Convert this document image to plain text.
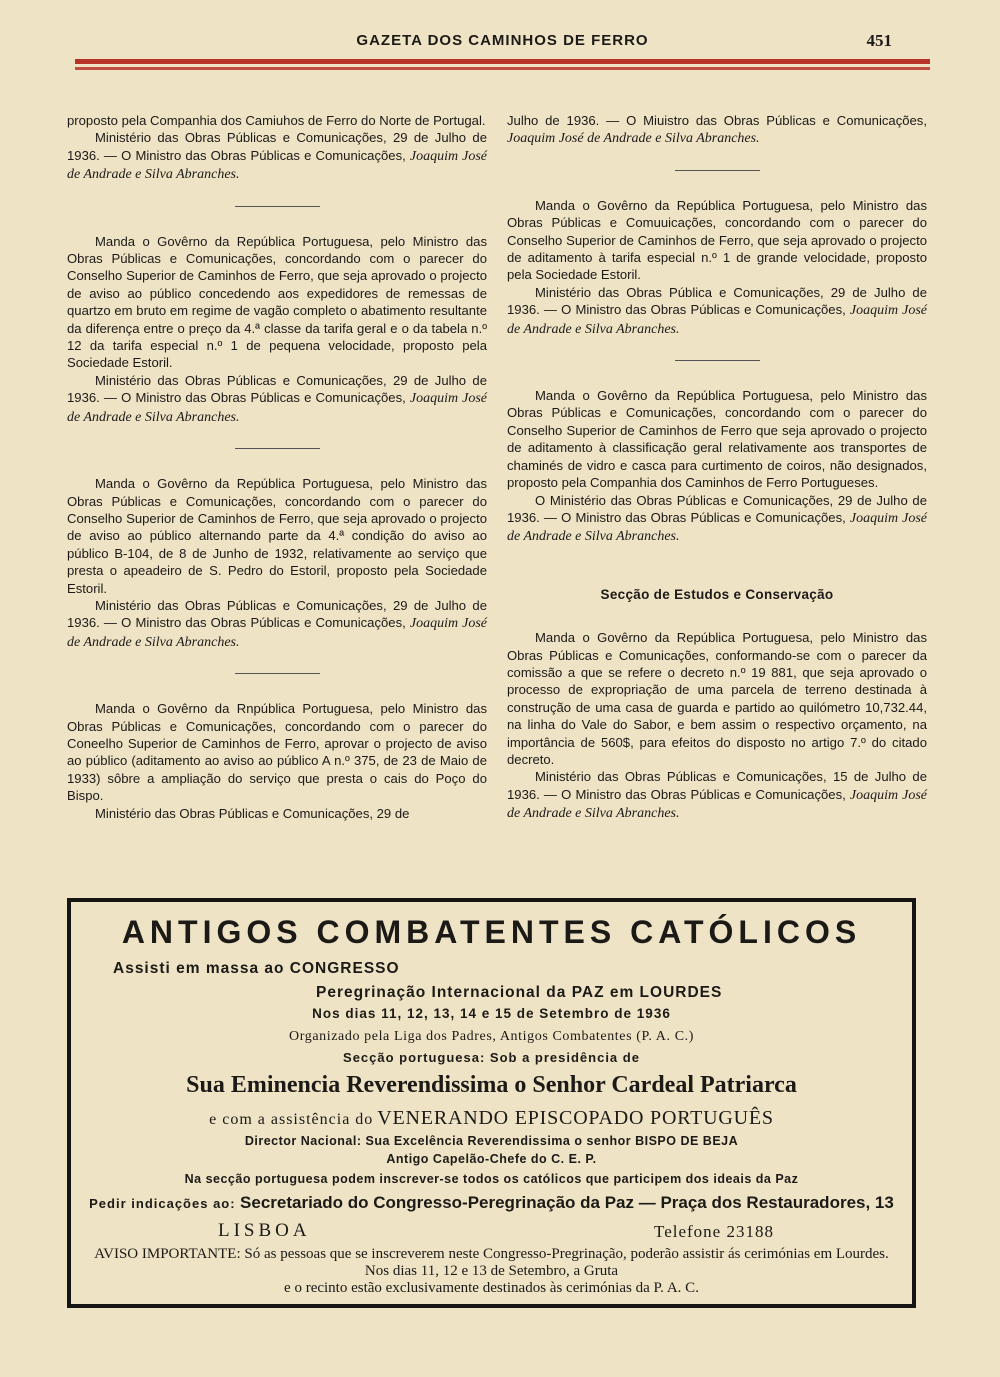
GAZETA DOS CAMINHOS DE FERRO	451

proposto pela Companhia dos Camiuhos de Ferro do Norte de Portugal.

Ministério das Obras Públicas e Comunicações, 29 de Julho de 1936. — O Ministro das Obras Públicas e Comunicações, Joaquim José de Andrade e Silva Abranches.

Manda o Govêrno da República Portuguesa, pelo Ministro das Obras Públicas e Comunicações, concordando com o parecer do Conselho Superior de Caminhos de Ferro, que seja aprovado o projecto de aviso ao público concedendo aos expedidores de remessas de quartzo em bruto em regime de vagão completo o abatimento resultante da diferença entre o preço da 4.ª classe da tarifa geral e o da tabela n.º 12 da tarifa especial n.º 1 de pequena velocidade, proposto pela Sociedade Estoril.

Ministério das Obras Públicas e Comunicações, 29 de Julho de 1936. — O Ministro das Obras Públicas e Comunicações, Joaquim José de Andrade e Silva Abranches.

Manda o Govêrno da República Portuguesa, pelo Ministro das Obras Públicas e Comunicações, concordando com o parecer do Conselho Superior de Caminhos de Ferro, que seja aprovado o projecto de aviso ao público alternando parte da 4.ª condição do aviso ao público B-104, de 8 de Junho de 1932, relativamente ao serviço que presta o apeadeiro de S. Pedro do Estoril, proposto pela Sociedade Estoril.

Ministério das Obras Públicas e Comunicações, 29 de Julho de 1936. — O Ministro das Obras Públicas e Comunicações, Joaquim José de Andrade e Silva Abranches.

Manda o Govêrno da Rnpública Portuguesa, pelo Ministro das Obras Públicas e Comunicações, concordando com o parecer do Coneelho Superior de Caminhos de Ferro, aprovar o projecto de aviso ao público (aditamento ao aviso ao público A n.º 375, de 23 de Maio de 1933) sôbre a ampliação do serviço que presta o cais do Poço do Bispo.

Ministério das Obras Públicas e Comunicações, 29 de

Julho de 1936. — O Miuistro das Obras Públicas e Comunicações, Joaquim José de Andrade e Silva Abranches.

Manda o Govêrno da República Portuguesa, pelo Ministro das Obras Públicas e Comuuicações, concordando com o parecer do Conselho Superior de Caminhos de Ferro, que seja aprovado o projecto de aditamento à tarifa especial n.º 1 de grande velocidade, proposto pela Sociedade Estoril.

Ministério das Obras Pública e Comunicações, 29 de Julho de 1936. — O Ministro das Obras Públicas e Comunicações, Joaquim José de Andrade e Silva Abranches.

Manda o Govêrno da República Portuguesa, pelo Ministro das Obras Públicas e Comunicações, concordando com o parecer do Conselho Superior de Caminhos de Ferro que seja aprovado o projecto de aditamento à classificação geral relativamente aos transportes de chaminés de vidro e casca para curtimento de coiros, não designados, proposto pela Companhia dos Caminhos de Ferro Portugueses.

O Ministério das Obras Públicas e Comunicações, 29 de Julho de 1936. — O Ministro das Obras Públicas e Comunicações, Joaquim José de Andrade e Silva Abranches.

Secção de Estudos e Conservação

Manda o Govêrno da República Portuguesa, pelo Ministro das Obras Públicas e Comunicações, conformando-se com o parecer da comissão a que se refere o decreto n.º 19 881, que seja aprovado o processo de expropriação de uma parcela de terreno destinada à construção de uma casa de guarda e partido ao quilómetro 10,732.44, na linha do Vale do Sabor, e bem assim o respectivo orçamento, na importância de 560$, para efeitos do disposto no artigo 7.º do citado decreto.

Ministério das Obras Públicas e Comunicações, 15 de Julho de 1936. — O Ministro das Obras Públicas e Comunicações, Joaquim José de Andrade e Silva Abranches.

ANTIGOS COMBATENTES CATÓLICOS
Assisti em massa ao CONGRESSO
Peregrinação Internacional da PAZ em LOURDES
Nos dias 11, 12, 13, 14 e 15 de Setembro de 1936
Organizado pela Liga dos Padres, Antigos Combatentes (P. A. C.)
Secção portuguesa: Sob a presidência de
Sua Eminencia Reverendissima o Senhor Cardeal Patriarca
e com a assistência do VENERANDO EPISCOPADO PORTUGUÊS
Director Nacional: Sua Excelência Reverendissima o senhor BISPO DE BEJA
Antigo Capelão-Chefe do C. E. P.
Na secção portuguesa podem inscrever-se todos os católicos que participem dos ideais da Paz
Pedir indicações ao: Secretariado do Congresso-Peregrinação da Paz — Praça dos Restauradores, 13
LISBOA	Telefone 23188
AVISO IMPORTANTE: Só as pessoas que se inscreverem neste Congresso-Pregrinação, poderão assistir ás cerimónias em Lourdes. Nos dias 11, 12 e 13 de Setembro, a Gruta
e o recinto estão exclusivamente destinados às cerimónias da P. A. C.
